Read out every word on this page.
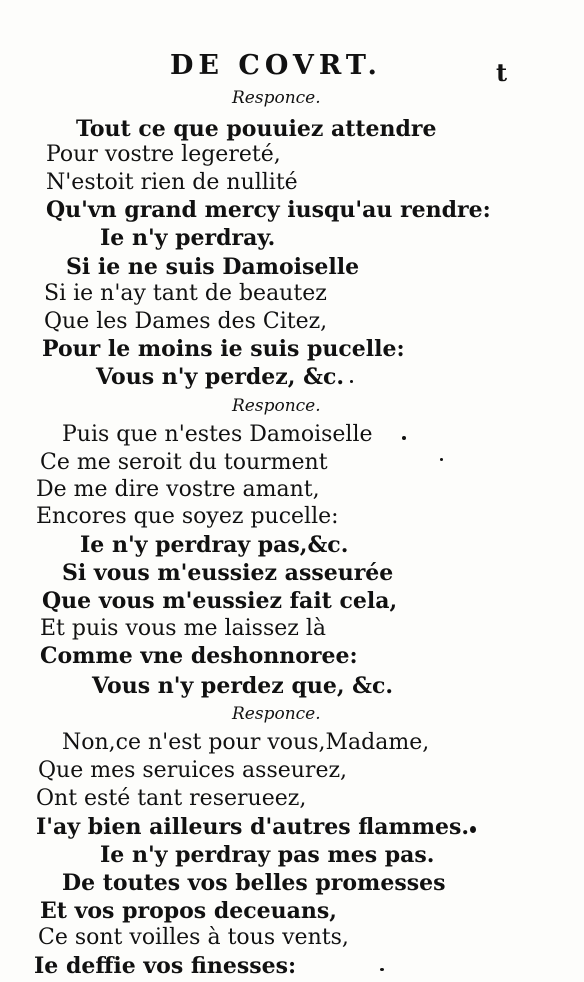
DE COVRT.	t
Responce.
Tout ce que pouuiez attendre
Pour vostre legereté,
N'estoit rien de nullité
Qu'vn grand mercy iusqu'au rendre:
Ie n'y perdray.
Si ie ne suis Damoiselle
Si ie n'ay tant de beautez
Que les Dames des Citez,
Pour le moins ie suis pucelle:
Vous n'y perdez, &c.
Responce.
Puis que n'estes Damoiselle
Ce me seroit du tourment
De me dire vostre amant,
Encores que soyez pucelle:
Ie n'y perdray pas,&c.
Si vous m'eussiez asseurée
Que vous m'eussiez fait cela,
Et puis vous me laissez là
Comme vne deshonnoree:
Vous n'y perdez que, &c.
Responce.
Non,ce n'est pour vous,Madame,
Que mes seruices asseurez,
Ont esté tant reserueez,
I'ay bien ailleurs d'autres flammes.
Ie n'y perdray pas mes pas.
De toutes vos belles promesses
Et vos propos deceuans,
Ce sont voilles à tous vents,
Ie deffie vos finesses:
